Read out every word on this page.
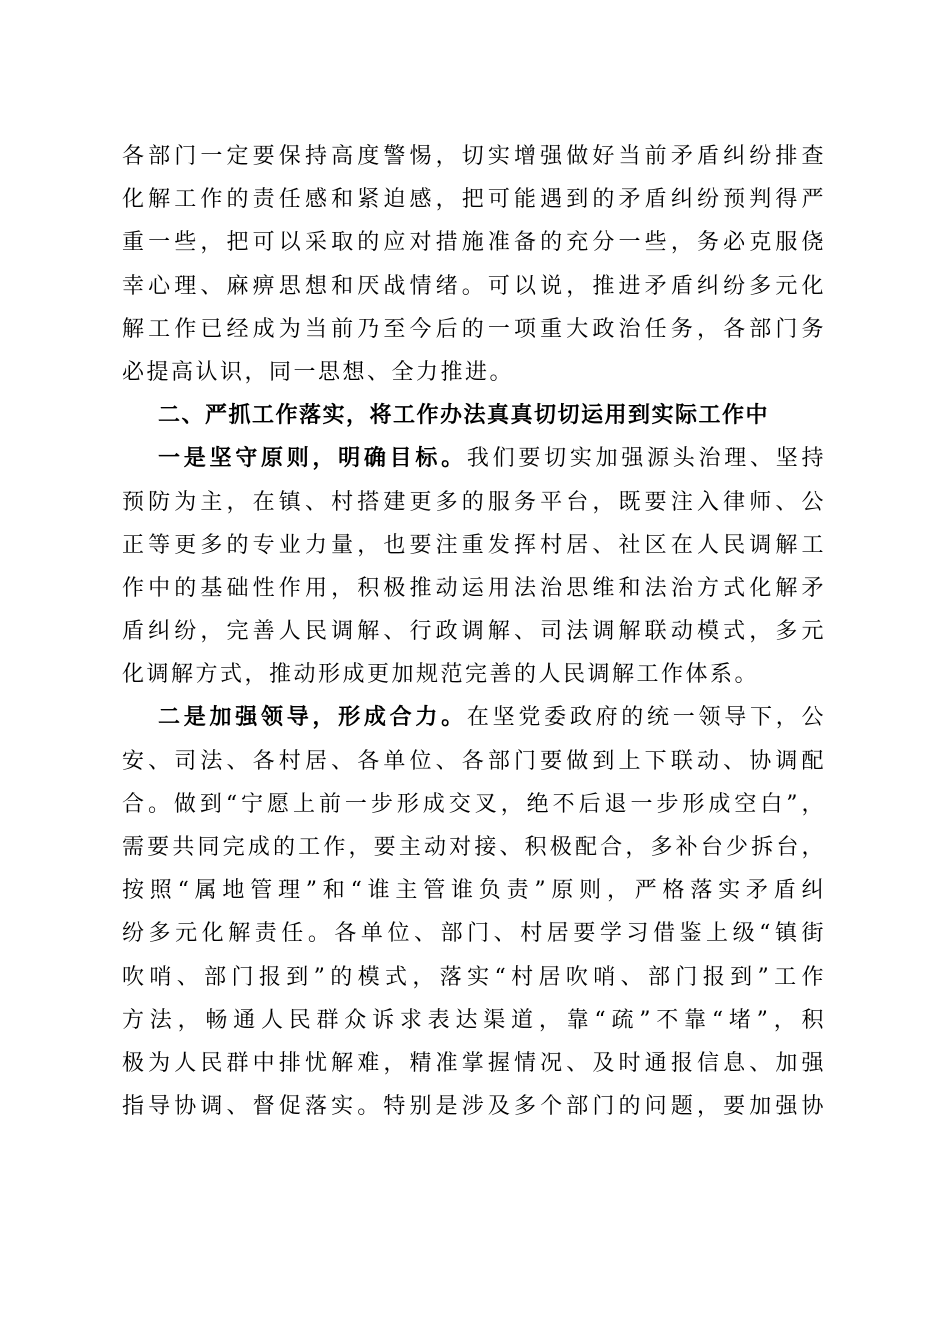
各部门一定要保持高度警惕，切实增强做好当前矛盾纠纷排查
化解工作的责任感和紧迫感，把可能遇到的矛盾纠纷预判得严
重一些，把可以采取的应对措施准备的充分一些，务必克服侥
幸心理、麻痹思想和厌战情绪。可以说，推进矛盾纠纷多元化
解工作已经成为当前乃至今后的一项重大政治任务，各部门务
必提高认识，同一思想、全力推进。
二、严抓工作落实，将工作办法真真切切运用到实际工作中
一是坚守原则，明确目标。我们要切实加强源头治理、坚持
预防为主，在镇、村搭建更多的服务平台，既要注入律师、公
正等更多的专业力量，也要注重发挥村居、社区在人民调解工
作中的基础性作用，积极推动运用法治思维和法治方式化解矛
盾纠纷，完善人民调解、行政调解、司法调解联动模式，多元
化调解方式，推动形成更加规范完善的人民调解工作体系。
二是加强领导，形成合力。在坚党委政府的统一领导下，公
安、司法、各村居、各单位、各部门要做到上下联动、协调配
合。做到“宁愿上前一步形成交叉，绝不后退一步形成空白”，
需要共同完成的工作，要主动对接、积极配合，多补台少拆台，
按照“属地管理”和“谁主管谁负责”原则，严格落实矛盾纠
纷多元化解责任。各单位、部门、村居要学习借鉴上级“镇街
吹哨、部门报到”的模式，落实“村居吹哨、部门报到”工作
方法，畅通人民群众诉求表达渠道，靠“疏”不靠“堵”，积
极为人民群中排忧解难，精准掌握情况、及时通报信息、加强
指导协调、督促落实。特别是涉及多个部门的问题，要加强协
